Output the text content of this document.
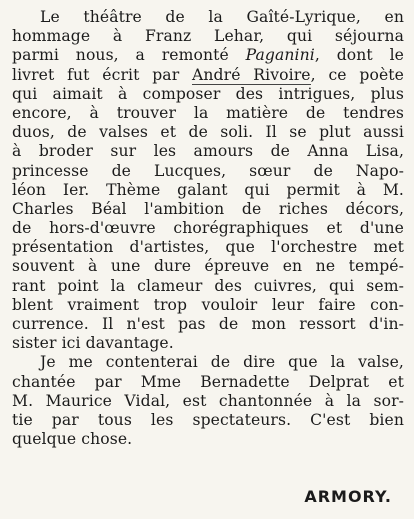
Le théâtre de la Gaîté-Lyrique, en
hommage à Franz Lehar, qui séjourna
parmi nous, a remonté Paganini, dont le
livret fut écrit par André Rivoire, ce poète
qui aimait à composer des intrigues, plus
encore, à trouver la matière de tendres
duos, de valses et de soli. Il se plut aussi
à broder sur les amours de Anna Lisa,
princesse de Lucques, sœur de Napo-
léon Ier. Thème galant qui permit à M.
Charles Béal l'ambition de riches décors,
de hors-d'œuvre chorégraphiques et d'une
présentation d'artistes, que l'orchestre met
souvent à une dure épreuve en ne tempé-
rant point la clameur des cuivres, qui sem-
blent vraiment trop vouloir leur faire con-
currence. Il n'est pas de mon ressort d'in-
sister ici davantage.
Je me contenterai de dire que la valse,
chantée par Mme Bernadette Delprat et
M. Maurice Vidal, est chantonnée à la sor-
tie par tous les spectateurs. C'est bien
quelque chose.
ARMORY.
